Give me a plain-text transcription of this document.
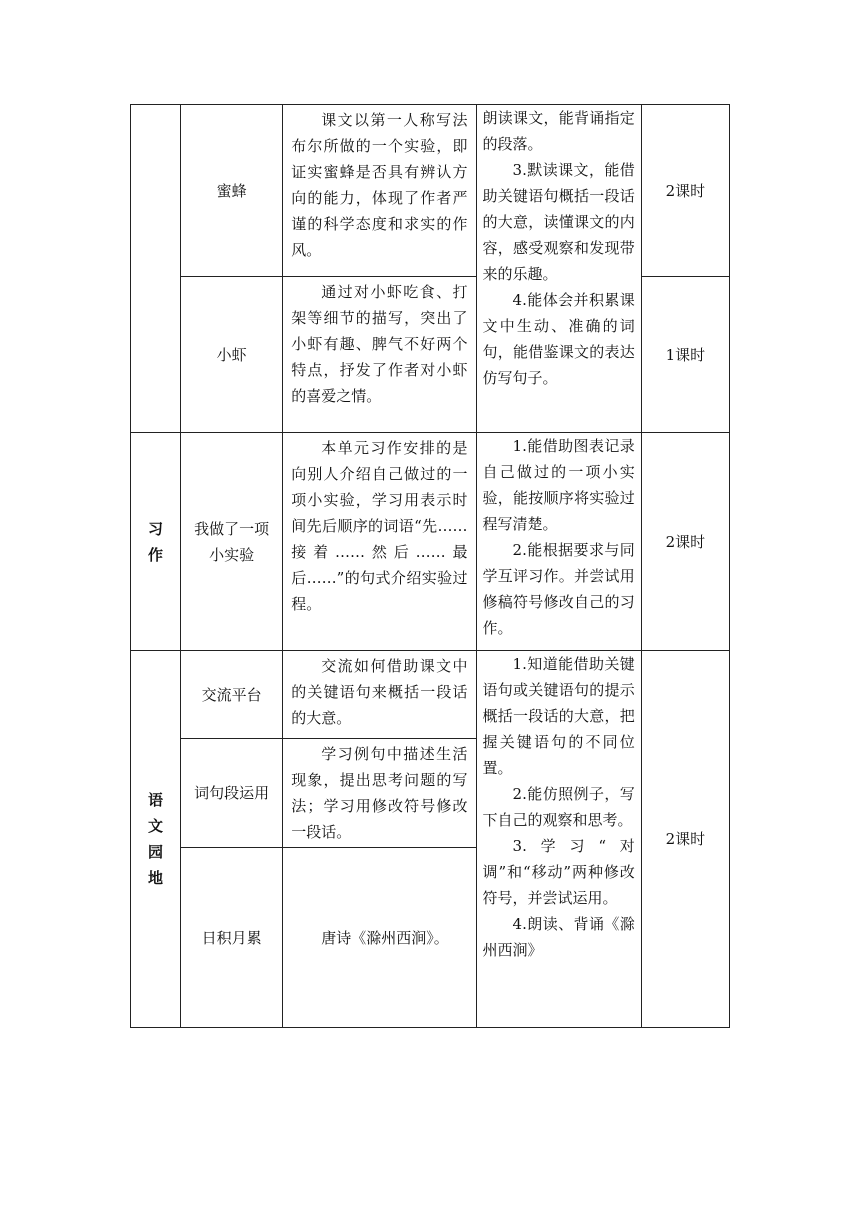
	蜜蜂	课文以第一人称写法布尔所做的一个实验，即证实蜜蜂是否具有辨认方向的能力，体现了作者严谨的科学态度和求实的作风。	朗读课文，能背诵指定的段落。

3.默读课文，能借助关键语句概括一段话的大意，读懂课文的内容，感受观察和发现带来的乐趣。

4.能体会并积累课文中生动、准确的词句，能借鉴课文的表达仿写句子。	2课时
	小虾	通过对小虾吃食、打架等细节的描写，突出了小虾有趣、脾气不好两个特点，抒发了作者对小虾的喜爱之情。		1课时
习作	我做了一项小实验	本单元习作安排的是向别人介绍自己做过的一项小实验，学习用表示时间先后顺序的词语“先……接着……然后……最后……”的句式介绍实验过程。	1.能借助图表记录自己做过的一项小实验，能按顺序将实验过程写清楚。

2.能根据要求与同学互评习作。并尝试用修稿符号修改自己的习作。	2课时
语文园地	交流平台	交流如何借助课文中的关键语句来概括一段话的大意。	1.知道能借助关键语句或关键语句的提示概括一段话的大意，把握关键语句的不同位置。

2.能仿照例子，写下自己的观察和思考。

3.学习“对调”和“移动”两种修改符号，并尝试运用。

4.朗读、背诵《滁州西涧》	2课时
	词句段运用	学习例句中描述生活现象，提出思考问题的写法；学习用修改符号修改一段话。		

	日积月累	唐诗《滁州西涧》。		
